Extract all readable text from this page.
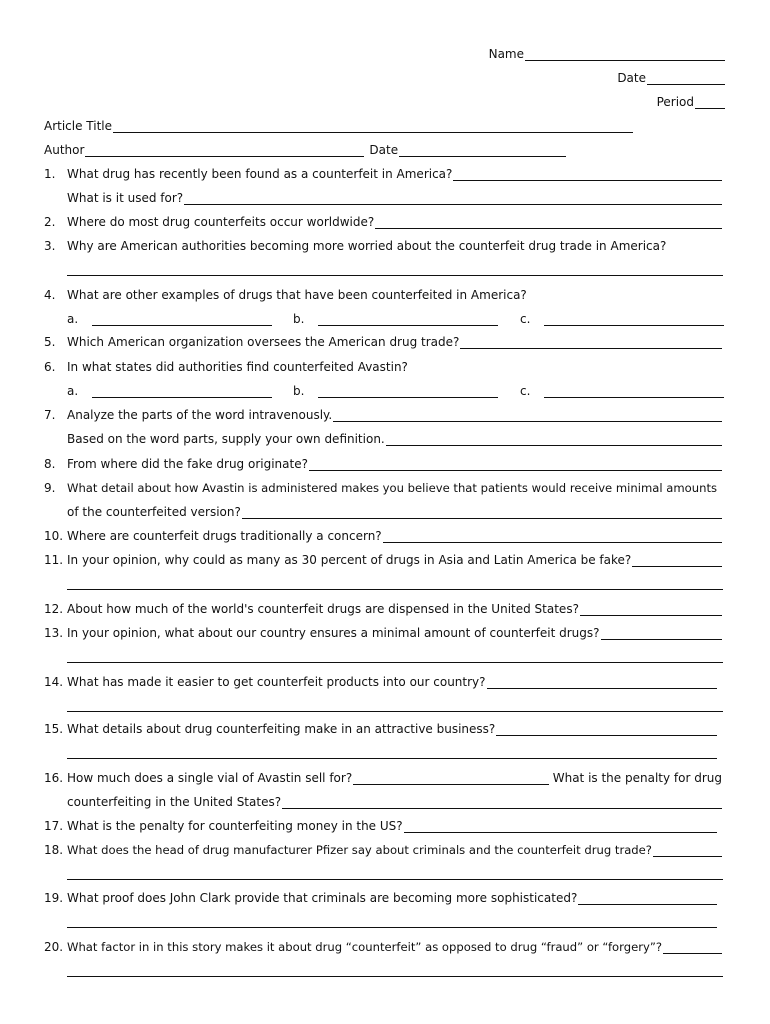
Name
Date
Period
Article Title
Author	Date
1. What drug has recently been found as a counterfeit in America?
What is it used for?
2. Where do most drug counterfeits occur worldwide?
3. Why are American authorities becoming more worried about the counterfeit drug trade in America?
4. What are other examples of drugs that have been counterfeited in America?
a.	b.	c.
5. Which American organization oversees the American drug trade?
6. In what states did authorities find counterfeited Avastin?
a.	b.	c.
7. Analyze the parts of the word intravenously.
Based on the word parts, supply your own definition.
8. From where did the fake drug originate?
9. What detail about how Avastin is administered makes you believe that patients would receive minimal amounts
of the counterfeited version?
10. Where are counterfeit drugs traditionally a concern?
11. In your opinion, why could as many as 30 percent of drugs in Asia and Latin America be fake?
12. About how much of the world's counterfeit drugs are dispensed in the United States?
13. In your opinion, what about our country ensures a minimal amount of counterfeit drugs?
14. What has made it easier to get counterfeit products into our country?
15. What details about drug counterfeiting make in an attractive business?
16. How much does a single vial of Avastin sell for?	What is the penalty for drug
counterfeiting in the United States?
17. What is the penalty for counterfeiting money in the US?
18. What does the head of drug manufacturer Pfizer say about criminals and the counterfeit drug trade?
19. What proof does John Clark provide that criminals are becoming more sophisticated?
20. What factor in in this story makes it about drug “counterfeit” as opposed to drug “fraud” or “forgery”?
